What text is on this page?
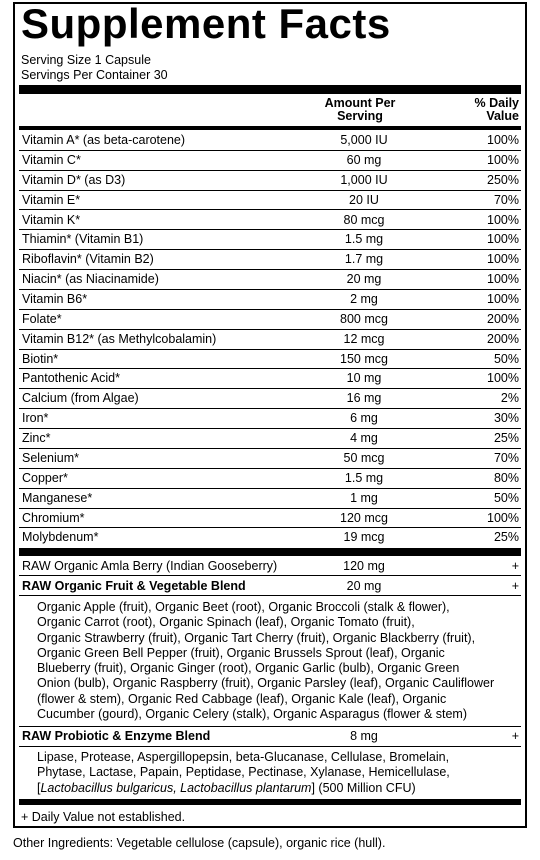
Supplement Facts
Serving Size 1 Capsule
Servings Per Container 30
Amount Per
Serving
% Daily
Value
Vitamin A* (as beta-carotene)	5,000 IU	100%
Vitamin C*	60 mg	100%
Vitamin D* (as D3)	1,000 IU	250%
Vitamin E*	20 IU	70%
Vitamin K*	80 mcg	100%
Thiamin* (Vitamin B1)	1.5 mg	100%
Riboflavin* (Vitamin B2)	1.7 mg	100%
Niacin* (as Niacinamide)	20 mg	100%
Vitamin B6*	2 mg	100%
Folate*	800 mcg	200%
Vitamin B12* (as Methylcobalamin)	12 mcg	200%
Biotin*	150 mcg	50%
Pantothenic Acid*	10 mg	100%
Calcium (from Algae)	16 mg	2%
Iron*	6 mg	30%
Zinc*	4 mg	25%
Selenium*	50 mcg	70%
Copper*	1.5 mg	80%
Manganese*	1 mg	50%
Chromium*	120 mcg	100%
Molybdenum*	19 mcg	25%
RAW Organic Amla Berry (Indian Gooseberry)	120 mg	+
RAW Organic Fruit & Vegetable Blend	20 mg	+
Organic Apple (fruit), Organic Beet (root), Organic Broccoli (stalk & flower),
Organic Carrot (root), Organic Spinach (leaf), Organic Tomato (fruit),
Organic Strawberry (fruit), Organic Tart Cherry (fruit), Organic Blackberry (fruit),
Organic Green Bell Pepper (fruit), Organic Brussels Sprout (leaf), Organic
Blueberry (fruit), Organic Ginger (root), Organic Garlic (bulb), Organic Green
Onion (bulb), Organic Raspberry (fruit), Organic Parsley (leaf), Organic Cauliflower
(flower & stem), Organic Red Cabbage (leaf), Organic Kale (leaf), Organic
Cucumber (gourd), Organic Celery (stalk), Organic Asparagus (flower & stem)
RAW Probiotic & Enzyme Blend	8 mg	+
Lipase, Protease, Aspergillopepsin, beta-Glucanase, Cellulase, Bromelain,
Phytase, Lactase, Papain, Peptidase, Pectinase, Xylanase, Hemicellulase,
[Lactobacillus bulgaricus, Lactobacillus plantarum] (500 Million CFU)
+ Daily Value not established.
Other Ingredients: Vegetable cellulose (capsule), organic rice (hull).
